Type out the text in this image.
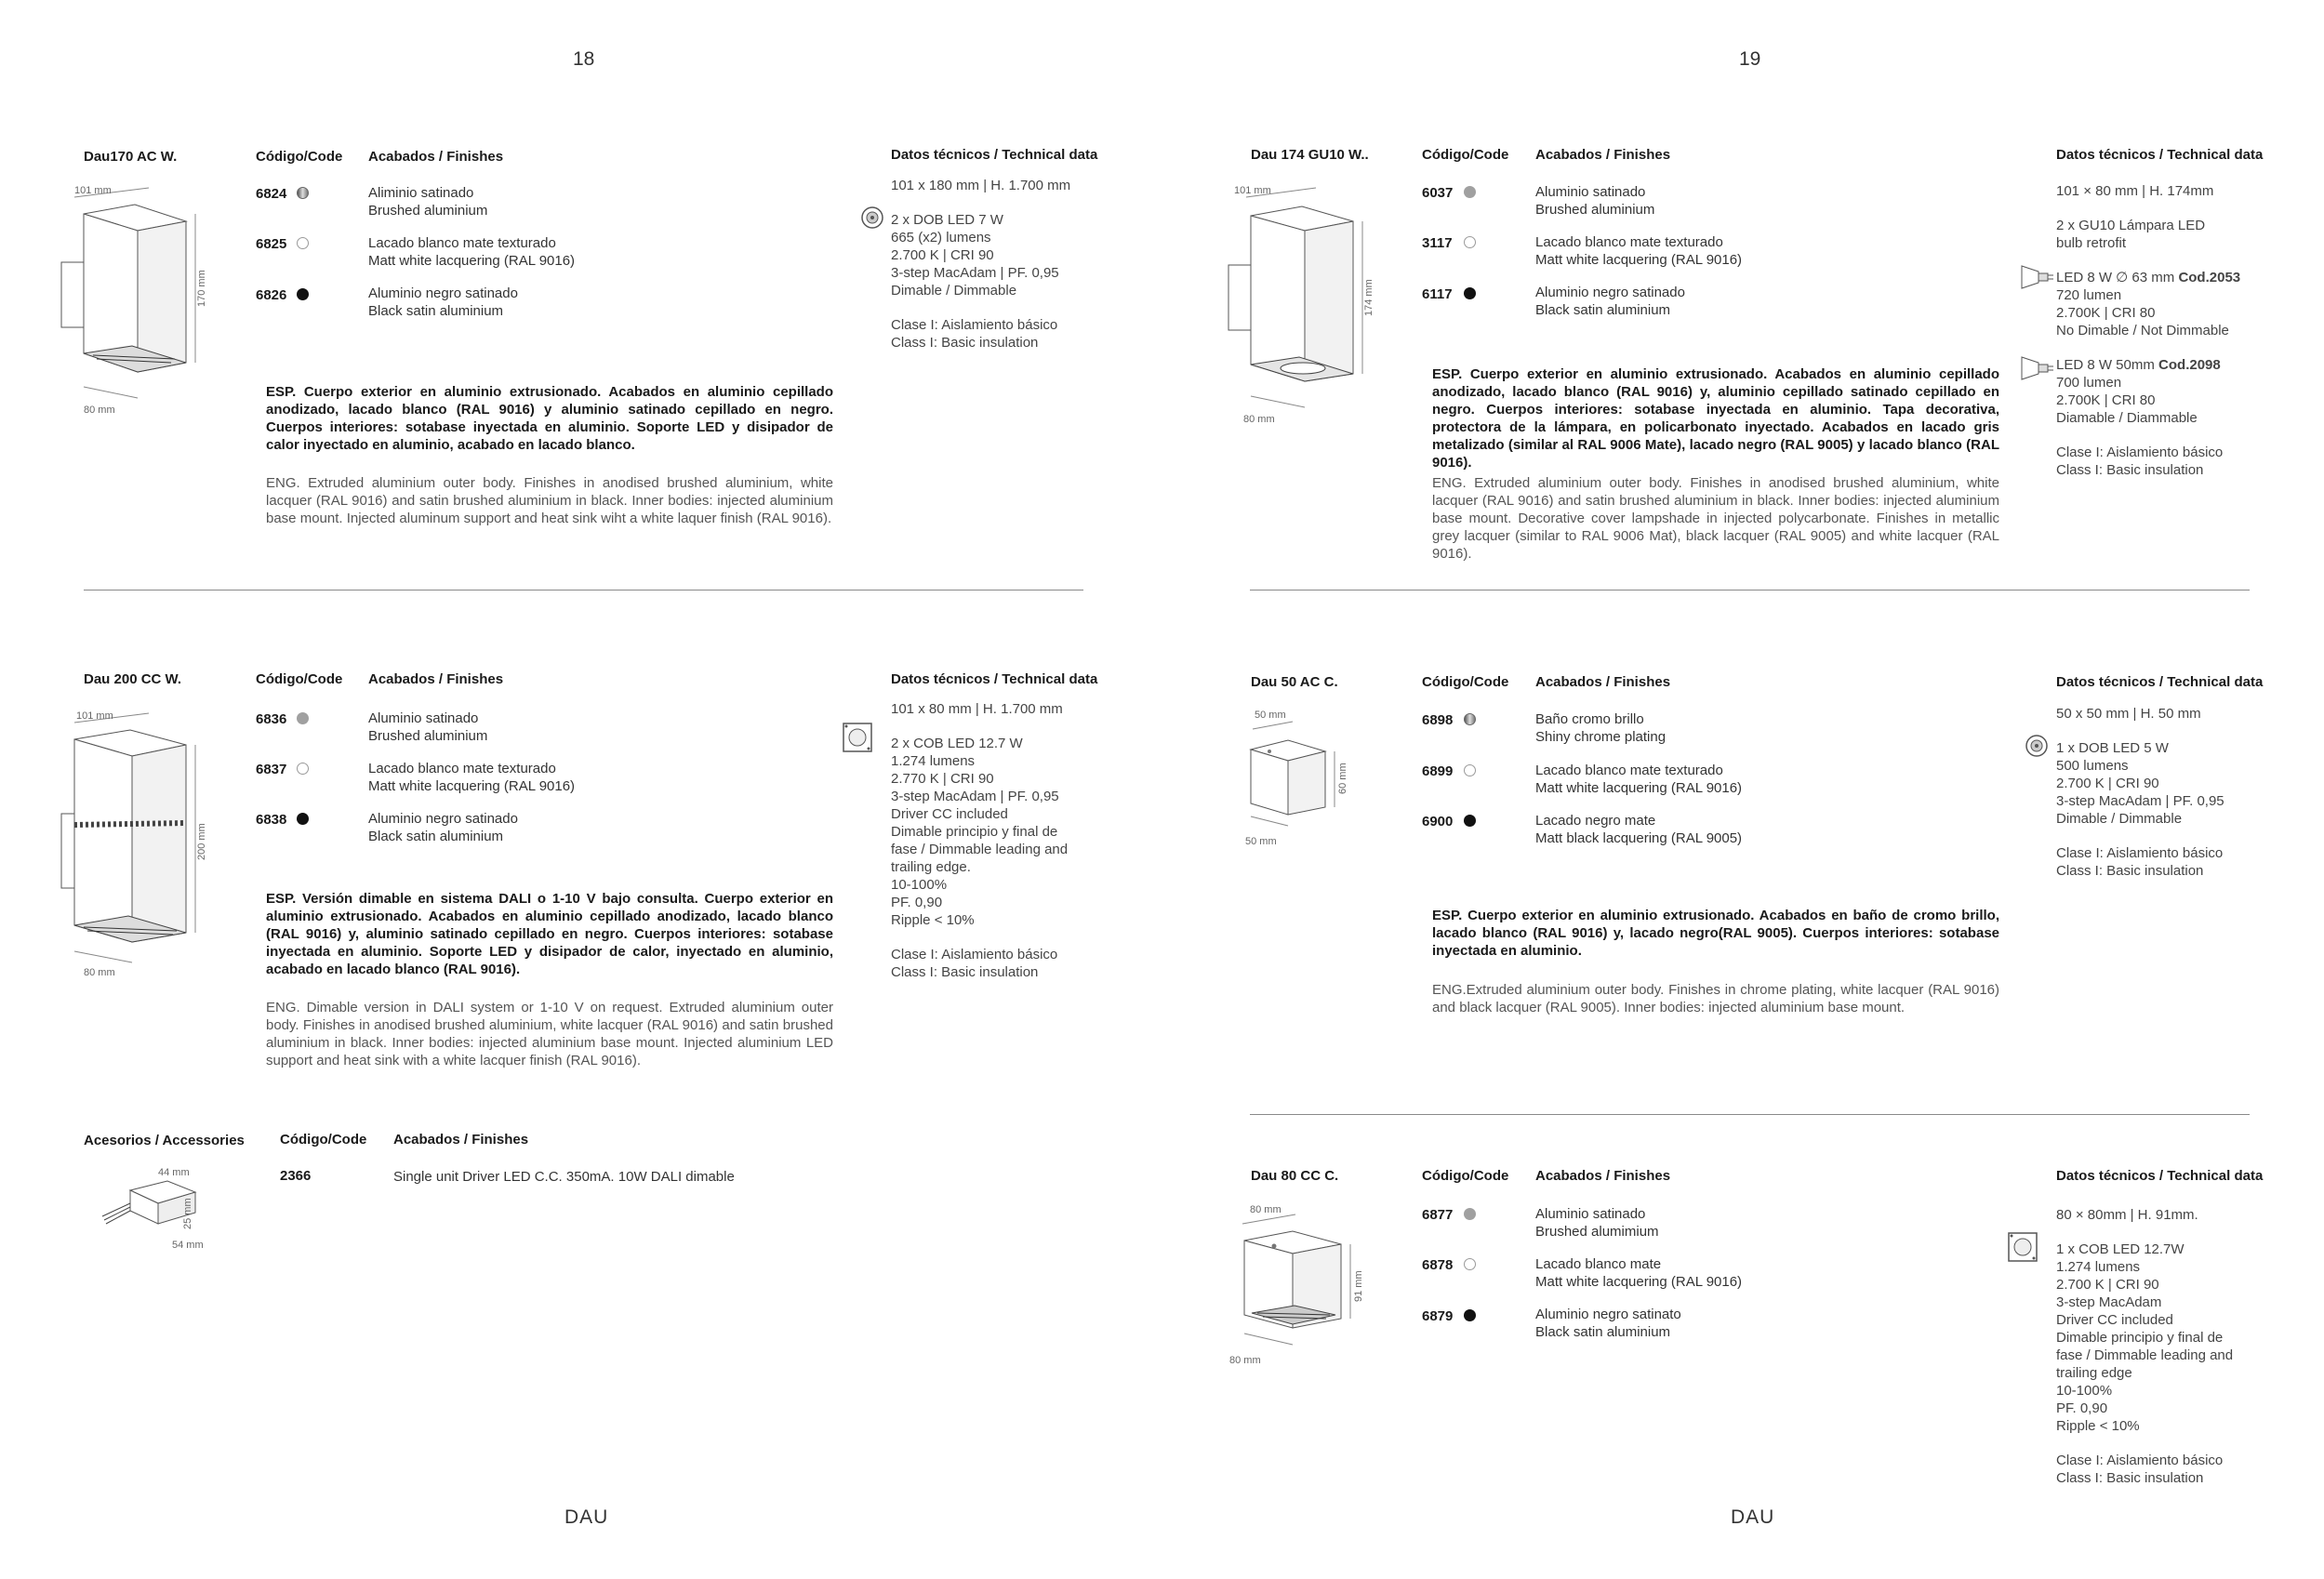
18
DAU
Dau170 AC W.	Código/Code Acabados / Finishes	Datos técnicos / Technical data
101 mm
170 mm
80 mm
6824	Aliminio satinado
Brushed aluminium
6825	Lacado blanco mate texturado
Matt white lacquering (RAL 9016)
6826	Aluminio negro satinado
Black satin aluminium
101 x 180 mm | H. 1.700 mm
2 x DOB LED 7 W
665 (x2) lumens
2.700 K | CRI 90
3-step MacAdam | PF. 0,95
Dimable / Dimmable
Clase I: Aislamiento básico
Class I: Basic insulation
ESP. Cuerpo exterior en aluminio extrusionado. Acabados en aluminio cepillado anodizado, lacado blanco (RAL 9016) y aluminio satinado cepillado en negro. Cuerpos interiores: sotabase inyectada en aluminio. Soporte LED y disipador de calor inyectado en aluminio, acabado en lacado blanco.
ENG. Extruded aluminium outer body. Finishes in anodised brushed aluminium, white lacquer (RAL 9016) and satin brushed aluminium in black. Inner bodies: injected aluminium base mount. Injected aluminum support and heat sink wiht a white laquer finish (RAL 9016).
Dau 200 CC W.	Código/Code Acabados / Finishes	Datos técnicos / Technical data
101 mm
200 mm
80 mm
6836	Aluminio satinado
Brushed aluminium
6837	Lacado blanco mate texturado
Matt white lacquering (RAL 9016)
6838	Aluminio negro satinado
Black satin aluminium
101 x 80 mm | H. 1.700 mm
2 x COB LED 12.7 W
1.274 lumens
2.770 K | CRI 90
3-step MacAdam | PF. 0,95
Driver CC included
Dimable principio y final de
fase / Dimmable leading and
trailing edge.
10-100%
PF. 0,90
Ripple < 10%
Clase I: Aislamiento básico
Class I: Basic insulation
ESP. Versión dimable en sistema DALI o 1-10 V bajo consulta. Cuerpo exterior en aluminio extrusionado. Acabados en aluminio cepillado anodizado, lacado blanco (RAL 9016) y, aluminio satinado cepillado en negro. Cuerpos interiores: sotabase inyectada en aluminio. Soporte LED y disipador de calor, inyectado en aluminio, acabado en lacado blanco (RAL 9016).
ENG. Dimable version in DALI system or 1-10 V on request. Extruded aluminium outer body. Finishes in anodised brushed aluminium, white lacquer (RAL 9016) and satin brushed aluminium in black. Inner bodies: injected aluminium base mount. Injected aluminium LED support and heat sink with a white lacquer finish (RAL 9016).
Acesorios / Accessories	Código/Code Acabados / Finishes
2366	Single unit Driver LED C.C. 350mA. 10W DALI dimable
44 mm
25 mm
54 mm
19
DAU
Dau 174 GU10 W..	Código/Code Acabados / Finishes	Datos técnicos / Technical data
101 mm
174 mm
80 mm
6037	Aluminio satinado
Brushed aluminium
3117	Lacado blanco mate texturado
Matt white lacquering (RAL 9016)
6117	Aluminio negro satinado
Black satin aluminium
101 × 80 mm | H. 174mm
2 x GU10 Lámpara LED
bulb retrofit
LED 8 W ∅ 63 mm Cod.2053
720 lumen
2.700K | CRI 80
No Dimable / Not Dimmable
LED 8 W 50mm Cod.2098
700 lumen
2.700K | CRI 80
Diamable / Diammable
Clase I: Aislamiento básico
Class I: Basic insulation
ESP. Cuerpo exterior en aluminio extrusionado. Acabados en aluminio cepillado anodizado, lacado blanco (RAL 9016) y, aluminio cepillado satinado cepillado en negro. Cuerpos interiores: sotabase inyectada en aluminio. Tapa decorativa, protectora de la lámpara, en policarbonato inyectado. Acabados en lacado gris metalizado (similar al RAL 9006 Mate), lacado negro (RAL 9005) y lacado blanco (RAL 9016).
ENG. Extruded aluminium outer body. Finishes in anodised brushed aluminium, white lacquer (RAL 9016) and satin brushed aluminium in black. Inner bodies: injected aluminium base mount. Decorative cover lampshade in injected polycarbonate. Finishes in metallic grey lacquer (similar to RAL 9006 Mat), black lacquer (RAL 9005) and white lacquer (RAL 9016).
Dau 50 AC C.	Código/Code Acabados / Finishes	Datos técnicos / Technical data
50 mm
60 mm
50 mm
6898	Baño cromo brillo
Shiny chrome plating
6899	Lacado blanco mate texturado
Matt white lacquering (RAL 9016)
6900	Lacado negro mate
Matt black lacquering (RAL 9005)
50 x 50 mm | H. 50 mm
1 x DOB LED 5 W
500 lumens
2.700 K | CRI 90
3-step MacAdam | PF. 0,95
Dimable / Dimmable
Clase I: Aislamiento básico
Class I: Basic insulation
ESP. Cuerpo exterior en aluminio extrusionado. Acabados en baño de cromo brillo, lacado blanco (RAL 9016) y, lacado negro(RAL 9005). Cuerpos interiores: sotabase inyectada en aluminio.
ENG.Extruded aluminium outer body. Finishes in chrome plating, white lacquer (RAL 9016) and black lacquer (RAL 9005). Inner bodies: injected aluminium base mount.
Dau 80 CC C.	Código/Code Acabados / Finishes	Datos técnicos / Technical data
80 mm
91 mm
80 mm
6877	Aluminio satinado
Brushed alumimium
6878	Lacado blanco mate
Matt white lacquering (RAL 9016)
6879	Aluminio negro satinato
Black satin aluminium
80 × 80mm | H. 91mm.
1 x COB LED 12.7W
1.274 lumens
2.700 K | CRI 90
3-step MacAdam
Driver CC included
Dimable principio y final de
fase / Dimmable leading and
trailing edge
10-100%
PF. 0,90
Ripple < 10%
Clase I: Aislamiento básico
Class I: Basic insulation
